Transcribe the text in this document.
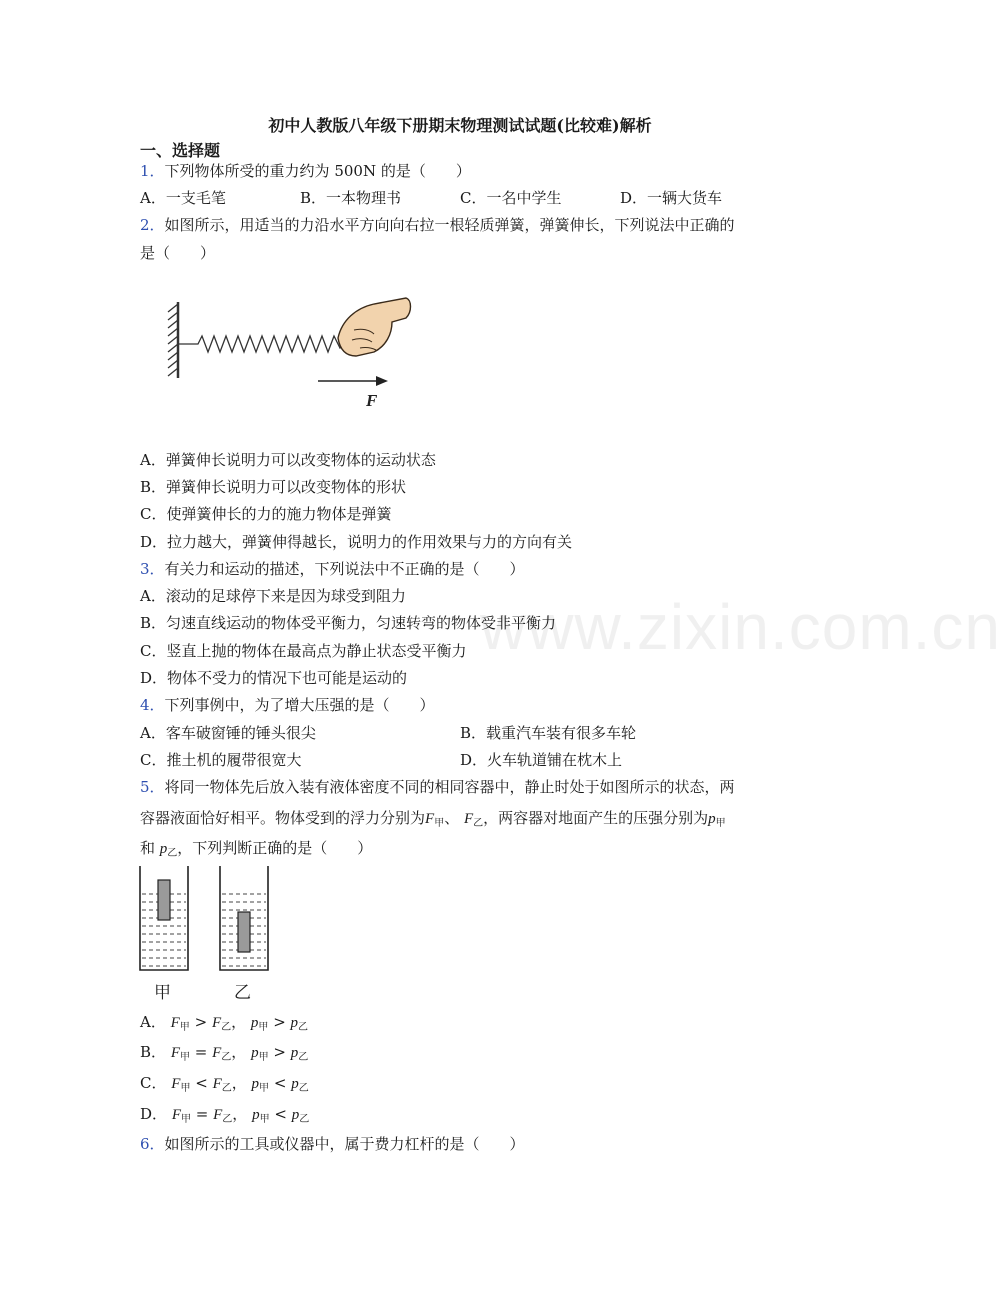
www.zixin.com.cn
初中人教版八年级下册期末物理测试试题(比较难)解析
一、选择题
1．下列物体所受的重力约为 500N 的是（　　）
A．一支毛笔	B．一本物理书	C．一名中学生	D．一辆大货车
2．如图所示，用适当的力沿水平方向向右拉一根轻质弹簧，弹簧伸长，下列说法中正确的
是（　　）
F
A．弹簧伸长说明力可以改变物体的运动状态
B．弹簧伸长说明力可以改变物体的形状
C．使弹簧伸长的力的施力物体是弹簧
D．拉力越大，弹簧伸得越长，说明力的作用效果与力的方向有关
3．有关力和运动的描述，下列说法中不正确的是（　　）
A．滚动的足球停下来是因为球受到阻力
B．匀速直线运动的物体受平衡力，匀速转弯的物体受非平衡力
C．竖直上抛的物体在最高点为静止状态受平衡力
D．物体不受力的情况下也可能是运动的
4．下列事例中，为了增大压强的是（　　）
A．客车破窗锤的锤头很尖	B．载重汽车装有很多车轮
C．推土机的履带很宽大	D．火车轨道铺在枕木上
5．将同一物体先后放入装有液体密度不同的相同容器中，静止时处于如图所示的状态，两
容器液面恰好相平。物体受到的浮力分别为$F_甲$、 $F_乙$，两容器对地面产生的压强分别为$p_甲$
和 $p_乙$，下列判断正确的是（　　）
甲	乙
A． $F_甲 > F_乙$， $p_甲 > p_乙$
B． $F_甲 = F_乙$， $p_甲 > p_乙$
C． $F_甲 < F_乙$， $p_甲 < p_乙$
D． $F_甲 = F_乙$， $p_甲 < p_乙$
6．如图所示的工具或仪器中，属于费力杠杆的是（　　）
